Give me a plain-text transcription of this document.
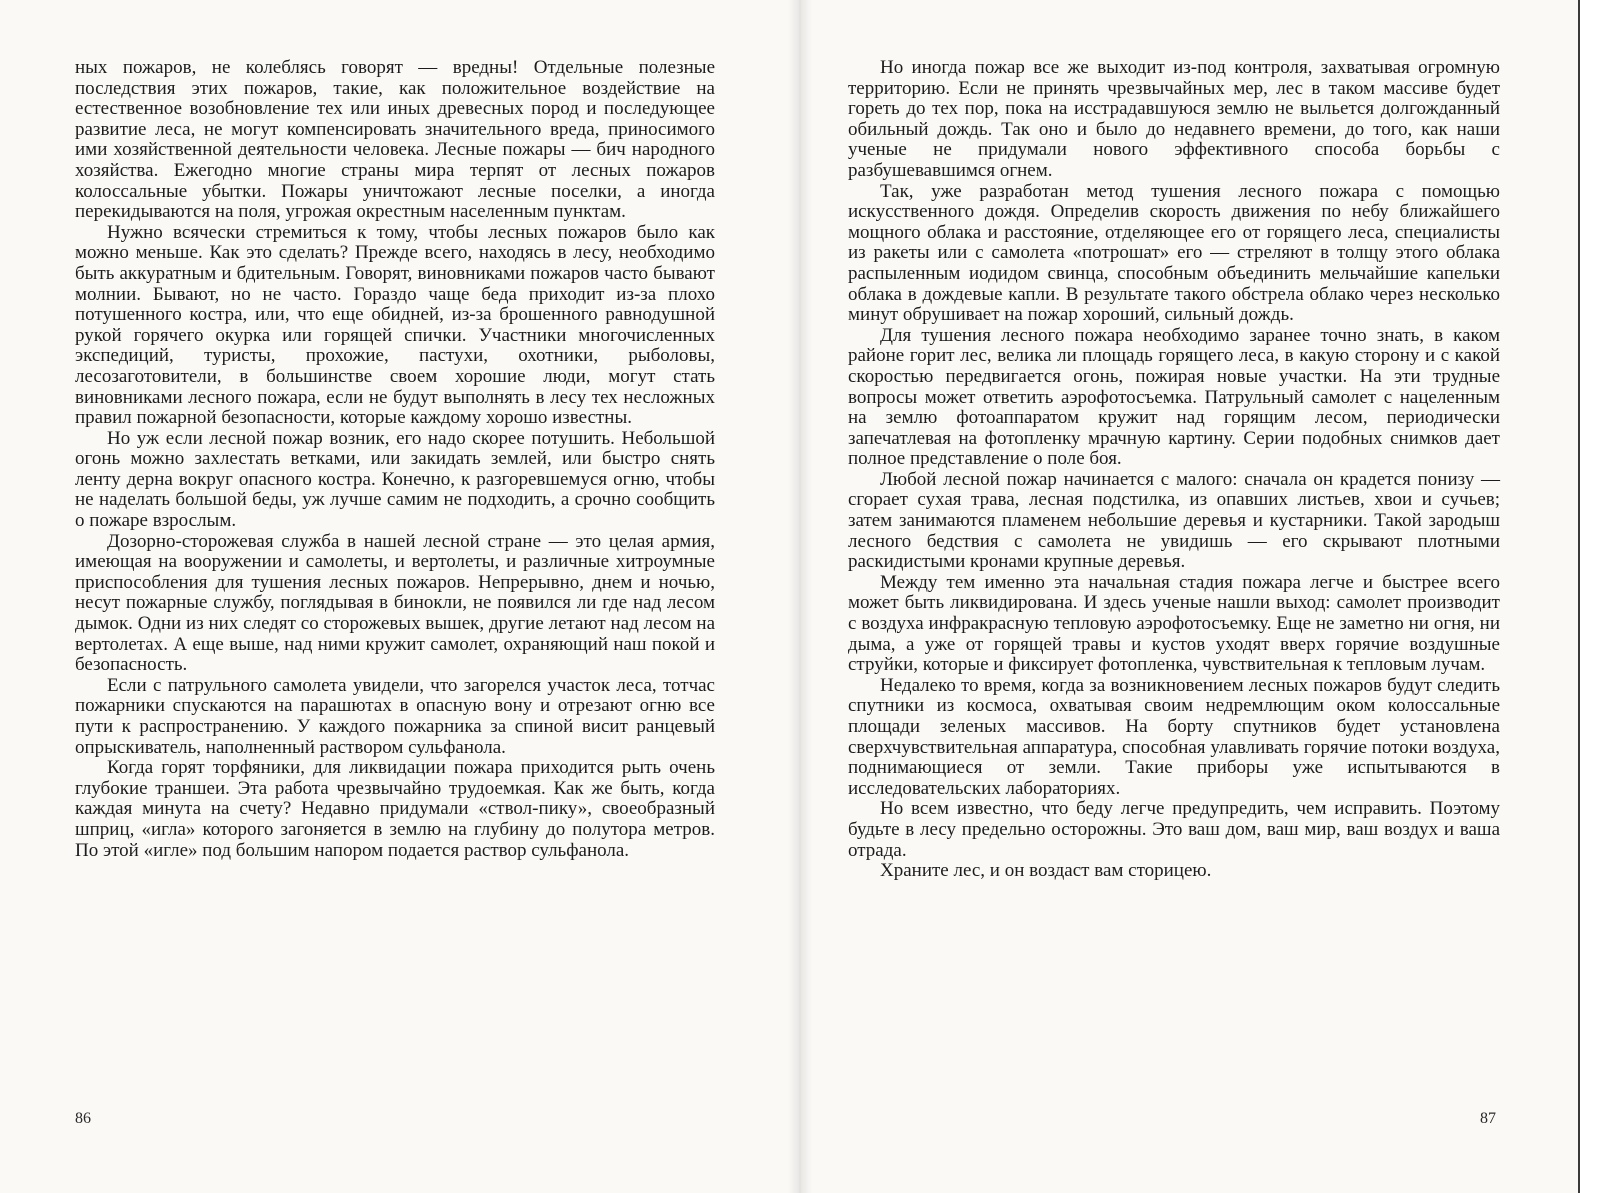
ных пожаров, не колеблясь говорят — вредны! Отдельные полезные последствия этих пожаров, такие, как положительное воздействие на естественное возобновление тех или иных древесных пород и последующее развитие леса, не могут компенсировать значительного вреда, приносимого ими хозяйственной деятельности человека. Лесные пожары — бич народного хозяйства. Ежегодно многие страны мира терпят от лесных пожаров колоссальные убытки. Пожары уничтожают лесные поселки, а иногда перекидываются на поля, угрожая окрестным населенным пунктам.

Нужно всячески стремиться к тому, чтобы лесных пожаров было как можно меньше. Как это сделать? Прежде всего, находясь в лесу, необходимо быть аккуратным и бдительным. Говорят, виновниками пожаров часто бывают молнии. Бывают, но не часто. Гораздо чаще беда приходит из-за плохо потушенного костра, или, что еще обидней, из-за брошенного равнодушной рукой горячего окурка или горящей спички. Участники многочисленных экспедиций, туристы, прохожие, пастухи, охотники, рыболовы, лесозаготовители, в большинстве своем хорошие люди, могут стать виновниками лесного пожара, если не будут выполнять в лесу тех несложных правил пожарной безопасности, которые каждому хорошо известны.

Но уж если лесной пожар возник, его надо скорее потушить. Небольшой огонь можно захлестать ветками, или закидать землей, или быстро снять ленту дерна вокруг опасного костра. Конечно, к разгоревшемуся огню, чтобы не наделать большой беды, уж лучше самим не подходить, а срочно сообщить о пожаре взрослым.

Дозорно-сторожевая служба в нашей лесной стране — это целая армия, имеющая на вооружении и самолеты, и вертолеты, и различные хитроумные приспособления для тушения лесных пожаров. Непрерывно, днем и ночью, несут пожарные службу, поглядывая в бинокли, не появился ли где над лесом дымок. Одни из них следят со сторожевых вышек, другие летают над лесом на вертолетах. А еще выше, над ними кружит самолет, охраняющий наш покой и безопасность.

Если с патрульного самолета увидели, что загорелся участок леса, тотчас пожарники спускаются на парашютах в опасную вону и отрезают огню все пути к распространению. У каждого пожарника за спиной висит ранцевый опрыскиватель, наполненный раствором сульфанола.

Когда горят торфяники, для ликвидации пожара приходится рыть очень глубокие траншеи. Эта работа чрезвычайно трудоемкая. Как же быть, когда каждая минута на счету? Недавно придумали «ствол-пику», своеобразный шприц, «игла» которого загоняется в землю на глубину до полутора метров. По этой «игле» под большим напором подается раствор сульфанола.

86

Но иногда пожар все же выходит из-под контроля, захватывая огромную территорию. Если не принять чрезвычайных мер, лес в таком массиве будет гореть до тех пор, пока на исстрадавшуюся землю не выльется долгожданный обильный дождь. Так оно и было до недавнего времени, до того, как наши ученые не придумали нового эффективного способа борьбы с разбушевавшимся огнем.

Так, уже разработан метод тушения лесного пожара с помощью искусственного дождя. Определив скорость движения по небу ближайшего мощного облака и расстояние, отделяющее его от горящего леса, специалисты из ракеты или с самолета «потрошат» его — стреляют в толщу этого облака распыленным иодидом свинца, способным объединить мельчайшие капельки облака в дождевые капли. В результате такого обстрела облако через несколько минут обрушивает на пожар хороший, сильный дождь.

Для тушения лесного пожара необходимо заранее точно знать, в каком районе горит лес, велика ли площадь горящего леса, в какую сторону и с какой скоростью передвигается огонь, пожирая новые участки. На эти трудные вопросы может ответить аэрофотосъемка. Патрульный самолет с нацеленным на землю фотоаппаратом кружит над горящим лесом, периодически запечатлевая на фотопленку мрачную картину. Серии подобных снимков дает полное представление о поле боя.

Любой лесной пожар начинается с малого: сначала он крадется понизу — сгорает сухая трава, лесная подстилка, из опавших листьев, хвои и сучьев; затем занимаются пламенем небольшие деревья и кустарники. Такой зародыш лесного бедствия с самолета не увидишь — его скрывают плотными раскидистыми кронами крупные деревья.

Между тем именно эта начальная стадия пожара легче и быстрее всего может быть ликвидирована. И здесь ученые нашли выход: самолет производит с воздуха инфракрасную тепловую аэрофотосъемку. Еще не заметно ни огня, ни дыма, а уже от горящей травы и кустов уходят вверх горячие воздушные струйки, которые и фиксирует фотопленка, чувствительная к тепловым лучам.

Недалеко то время, когда за возникновением лесных пожаров будут следить спутники из космоса, охватывая своим недремлющим оком колоссальные площади зеленых массивов. На борту спутников будет установлена сверхчувствительная аппаратура, способная улавливать горячие потоки воздуха, поднимающиеся от земли. Такие приборы уже испытываются в исследовательских лабораториях.

Но всем известно, что беду легче предупредить, чем исправить. Поэтому будьте в лесу предельно осторожны. Это ваш дом, ваш мир, ваш воздух и ваша отрада.

Храните лес, и он воздаст вам сторицею.

87
